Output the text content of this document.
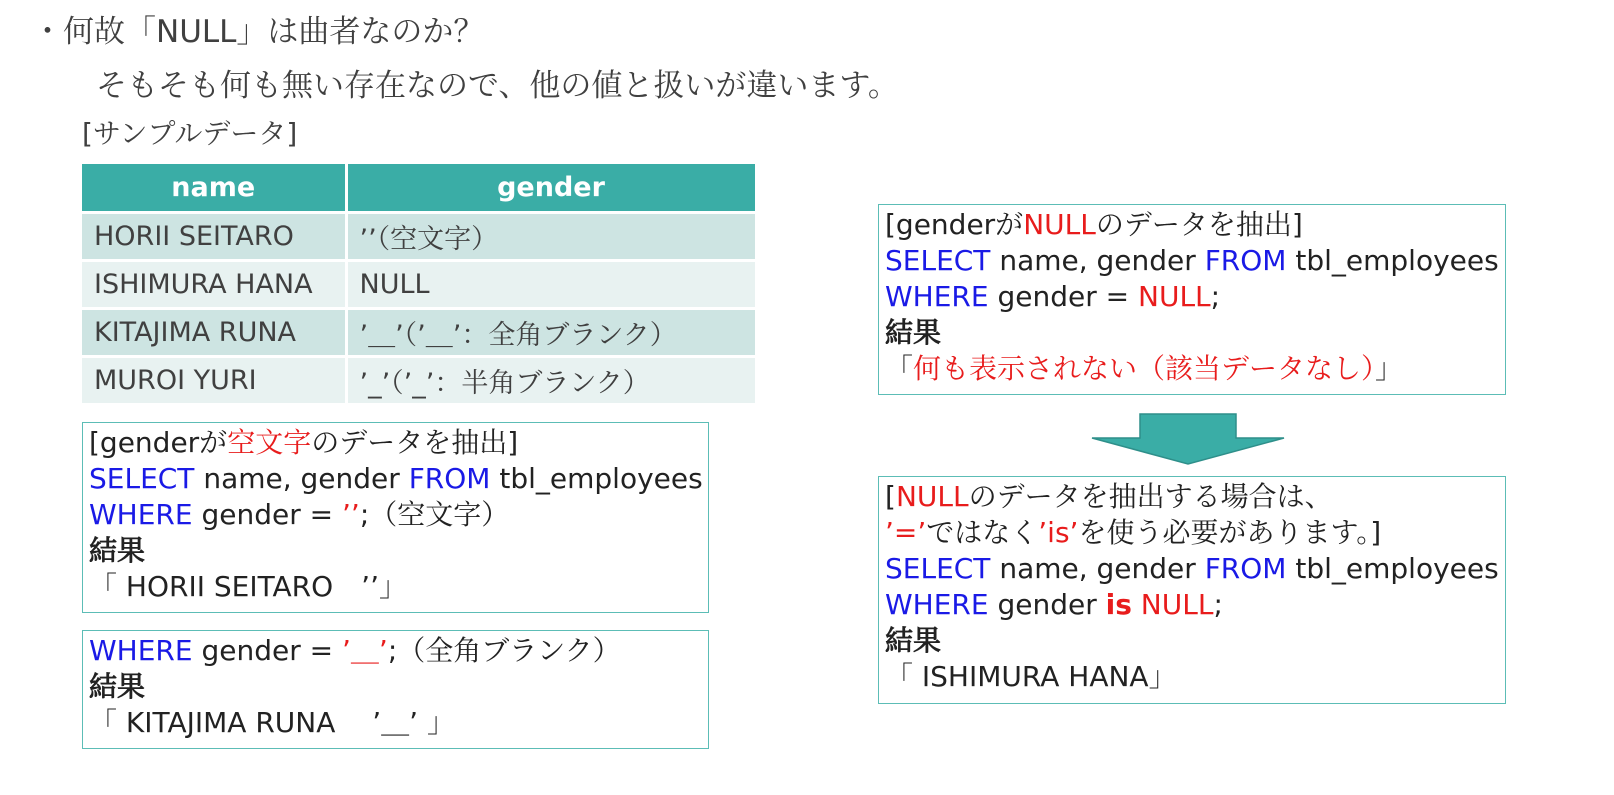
・何故「NULL」は曲者なのか？
そもそも何も無い存在なので、他の値と扱いが違います。
[サンプルデータ]
name	gender
HORII SEITARO	’’（空文字）
ISHIMURA HANA	NULL
KITAJIMA RUNA	’＿’（’＿’：全角ブランク）
MUROI YURI	’_’（’_’：半角ブランク）
[genderが空文字のデータを抽出]
SELECT name, gender FROM tbl_employees
WHERE gender = ’’;（空文字）
結果
「 HORII SEITARO　’’」
WHERE gender = ’＿’;（全角ブランク）
結果
「 KITAJIMA RUNA　 ’＿’ 」
[genderがNULLのデータを抽出]
SELECT name, gender FROM tbl_employees
WHERE gender = NULL;
結果
「何も表示されない（該当データなし）」
[NULLのデータを抽出する場合は、
’=’ではなく’is’を使う必要があります。]
SELECT name, gender FROM tbl_employees
WHERE gender is NULL;
結果
「 ISHIMURA HANA」
